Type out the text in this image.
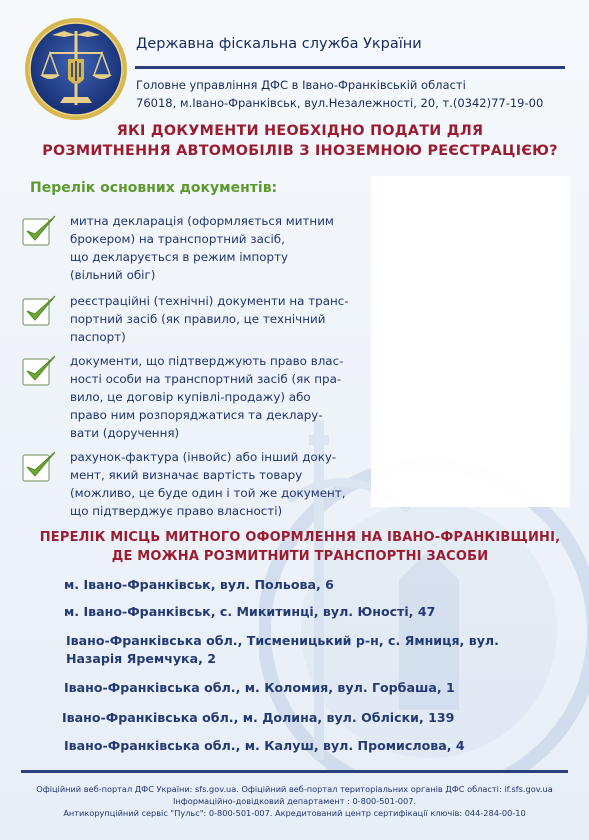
Державна фіскальна служба України
Головне управління ДФС в Івано-Франківській області
76018, м.Івано-Франківськ, вул.Незалежності, 20, т.(0342)77-19-00
ЯКІ ДОКУМЕНТИ НЕОБХІДНО ПОДАТИ ДЛЯ
РОЗМИТНЕННЯ АВТОМОБІЛІВ З ІНОЗЕМНОЮ РЕЄСТРАЦІЄЮ?
Перелік основних документів:
митна декларація (оформляється митним
брокером) на транспортний засіб,
що декларується в режим імпорту
(вільний обіг)
реєстраційні (технічні) документи на транс-
портний засіб (як правило, це технічний
паспорт)
документи, що підтверджують право влас-
ності особи на транспортний засіб (як пра-
вило, це договір купівлі-продажу) або
право ним розпоряджатися та деклару-
вати (доручення)
рахунок-фактура (інвойс) або інший доку-
мент, який визначає вартість товару
(можливо, це буде один і той же документ,
що підтверджує право власності)
ПЕРЕЛІК МІСЦЬ МИТНОГО ОФОРМЛЕННЯ НА ІВАНО-ФРАНКІВЩИНІ,
ДЕ МОЖНА РОЗМИТНИТИ ТРАНСПОРТНІ ЗАСОБИ
м. Івано-Франківськ, вул. Польова, 6
м. Івано-Франківськ, с. Микитинці, вул. Юності, 47
Івано-Франківська обл., Тисменицький р-н, с. Ямниця, вул.
Назарія Яремчука, 2
Івано-Франківська обл., м. Коломия, вул. Горбаша, 1
Івано-Франківська обл., м. Долина, вул. Обліски, 139
Івано-Франківська обл., м. Калуш, вул. Промислова, 4
Офіційний веб-портал ДФС України: sfs.gov.ua. Офіційний веб-портал територіальних органів ДФС області: if.sfs.gov.ua
Інформаційно-довідковий департамент : 0-800-501-007.
Антикорупційний сервіс "Пульс": 0-800-501-007. Акредитований центр сертифікації ключів: 044-284-00-10
